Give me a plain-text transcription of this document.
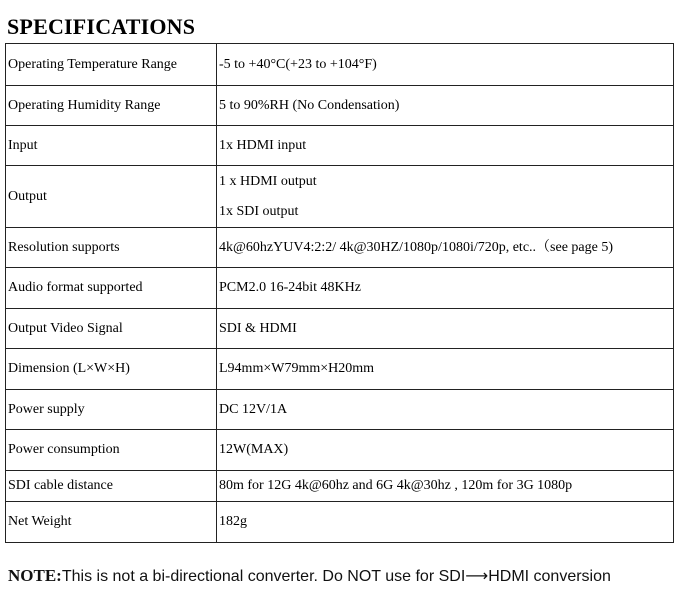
SPECIFICATIONS
Operating Temperature Range	-5 to +40°C(+23 to +104°F)
Operating Humidity Range	5 to 90%RH (No Condensation)
Input	1x HDMI input
Output	1 x HDMI output
1x SDI output

Resolution supports	4k@60hzYUV4:2:2/ 4k@30HZ/1080p/1080i/720p, etc..（see page 5)
Audio format supported	PCM2.0 16-24bit 48KHz
Output Video Signal	SDI & HDMI
Dimension (L×W×H)	L94mm×W79mm×H20mm
Power supply	DC 12V/1A
Power consumption	12W(MAX)
SDI cable distance	80m for 12G 4k@60hz and 6G 4k@30hz , 120m for 3G 1080p
Net Weight	182g
NOTE:This is not a bi-directional converter. Do NOT use for SDI⟶HDMI conversion
